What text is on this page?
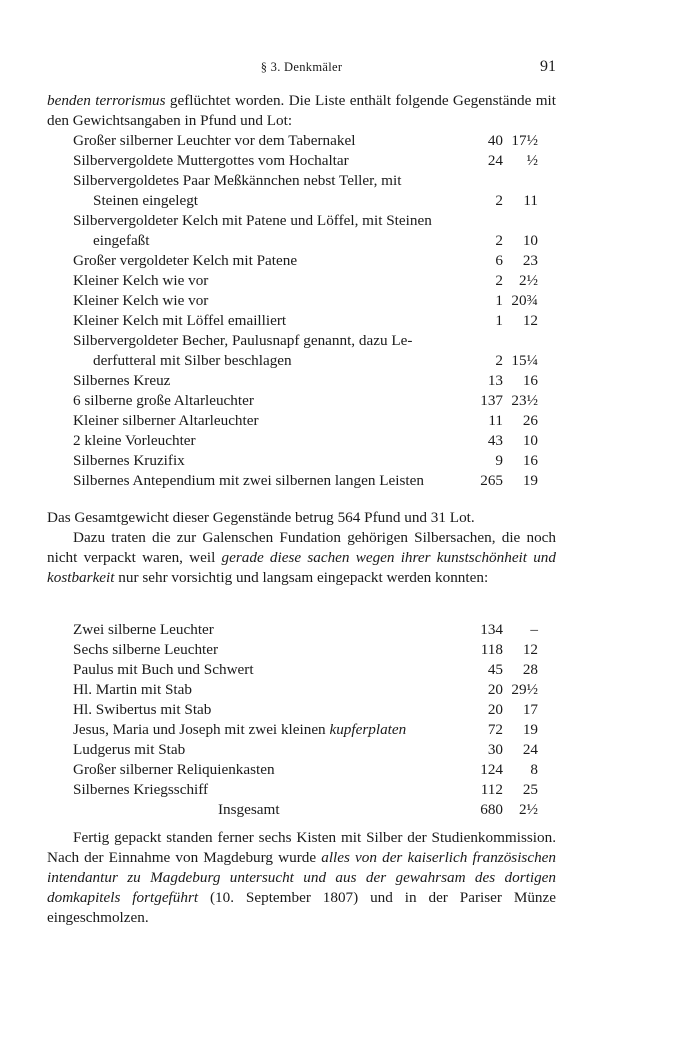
§ 3. Denkmäler	91

benden terrorismus geflüchtet worden. Die Liste enthält folgende Gegenstände mit den Gewichtsangaben in Pfund und Lot:

Großer silberner Leuchter vor dem Tabernakel	40 17½
Silbervergoldete Muttergottes vom Hochaltar	24	½
Silbervergoldetes Paar Meßkännchen nebst Teller, mit
Steinen eingelegt	2	11
Silbervergoldeter Kelch mit Patene und Löffel, mit Steinen
eingefaßt	2	10
Großer vergoldeter Kelch mit Patene	6	23
Kleiner Kelch wie vor	2	2½
Kleiner Kelch wie vor	1 20¾
Kleiner Kelch mit Löffel emailliert	1	12
Silbervergoldeter Becher, Paulusnapf genannt, dazu Le-
derfutteral mit Silber beschlagen	2 15¼
Silbernes Kreuz	13	16
6 silberne große Altarleuchter	137 23½
Kleiner silberner Altarleuchter	11	26
2 kleine Vorleuchter	43	10
Silbernes Kruzifix	9	16
Silbernes Antependium mit zwei silbernen langen Leisten	265	19

Das Gesamtgewicht dieser Gegenstände betrug 564 Pfund und 31 Lot.

Dazu traten die zur Galenschen Fundation gehörigen Silbersachen, die noch nicht verpackt waren, weil gerade diese sachen wegen ihrer kunstschönheit und kostbarkeit nur sehr vorsichtig und langsam eingepackt werden konnten:

Zwei silberne Leuchter	134	–
Sechs silberne Leuchter	118	12
Paulus mit Buch und Schwert	45	28
Hl. Martin mit Stab	20 29½
Hl. Swibertus mit Stab	20	17
Jesus, Maria und Joseph mit zwei kleinen kupferplaten	72	19
Ludgerus mit Stab	30	24
Großer silberner Reliquienkasten	124	8
Silbernes Kriegsschiff	112	25
Insgesamt	680	2½

Fertig gepackt standen ferner sechs Kisten mit Silber der Studienkommission. Nach der Einnahme von Magdeburg wurde alles von der kaiserlich französischen intendantur zu Magdeburg untersucht und aus der gewahrsam des dortigen domkapitels fortgeführt (10. September 1807) und in der Pariser Münze eingeschmolzen.
